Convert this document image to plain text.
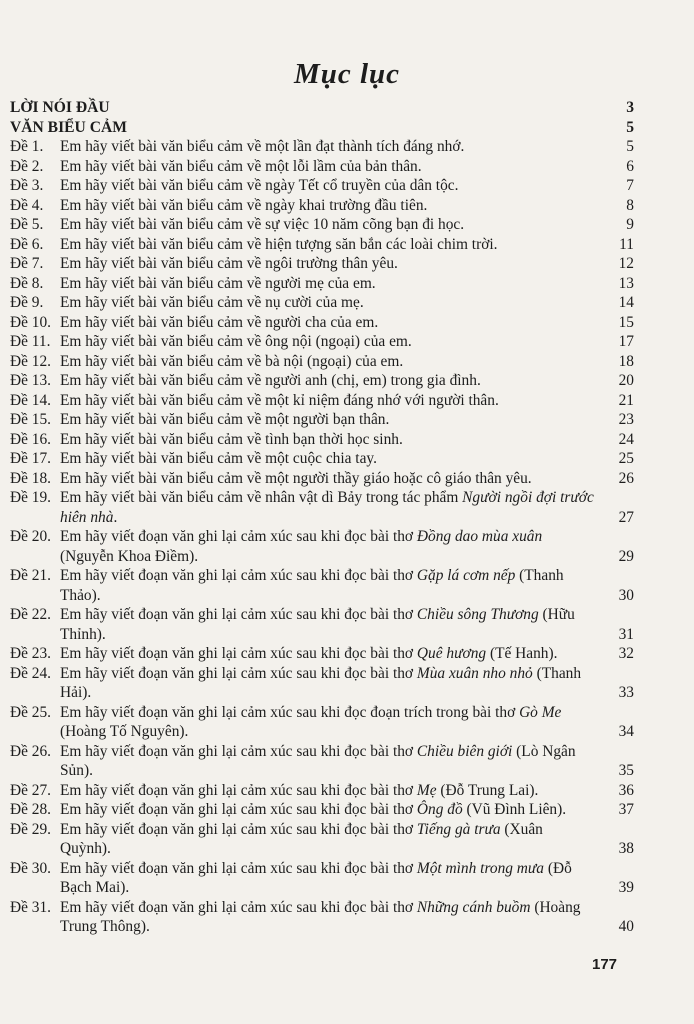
Mục lục
LỜI NÓI ĐẦU	3
VĂN BIỂU CẢM	5
Đề 1.	Em hãy viết bài văn biểu cảm về một lần đạt thành tích đáng nhớ.	5
Đề 2.	Em hãy viết bài văn biểu cảm về một lỗi lầm của bản thân.	6
Đề 3.	Em hãy viết bài văn biểu cảm về ngày Tết cổ truyền của dân tộc.	7
Đề 4.	Em hãy viết bài văn biểu cảm về ngày khai trường đầu tiên.	8
Đề 5.	Em hãy viết bài văn biểu cảm về sự việc 10 năm cõng bạn đi học.	9
Đề 6.	Em hãy viết bài văn biểu cảm về hiện tượng săn bắn các loài chim trời.	11
Đề 7.	Em hãy viết bài văn biểu cảm về ngôi trường thân yêu.	12
Đề 8.	Em hãy viết bài văn biểu cảm về người mẹ của em.	13
Đề 9.	Em hãy viết bài văn biểu cảm về nụ cười của mẹ.	14
Đề 10. Em hãy viết bài văn biểu cảm về người cha của em.	15
Đề 11. Em hãy viết bài văn biểu cảm về ông nội (ngoại) của em.	17
Đề 12. Em hãy viết bài văn biểu cảm về bà nội (ngoại) của em.	18
Đề 13. Em hãy viết bài văn biểu cảm về người anh (chị, em) trong gia đình.	20
Đề 14. Em hãy viết bài văn biểu cảm về một kỉ niệm đáng nhớ với người thân.	21
Đề 15. Em hãy viết bài văn biểu cảm về một người bạn thân.	23
Đề 16. Em hãy viết bài văn biểu cảm về tình bạn thời học sinh.	24
Đề 17. Em hãy viết bài văn biểu cảm về một cuộc chia tay.	25
Đề 18. Em hãy viết bài văn biểu cảm về một người thầy giáo hoặc cô giáo thân yêu.	26
Đề 19. Em hãy viết bài văn biểu cảm về nhân vật dì Bảy trong tác phẩm Người ngồi đợi trước hiên nhà.	27
Đề 20. Em hãy viết đoạn văn ghi lại cảm xúc sau khi đọc bài thơ Đồng dao mùa xuân (Nguyễn Khoa Điềm).	29
Đề 21. Em hãy viết đoạn văn ghi lại cảm xúc sau khi đọc bài thơ Gặp lá cơm nếp (Thanh Thảo).	30
Đề 22. Em hãy viết đoạn văn ghi lại cảm xúc sau khi đọc bài thơ Chiều sông Thương (Hữu Thỉnh).	31
Đề 23. Em hãy viết đoạn văn ghi lại cảm xúc sau khi đọc bài thơ Quê hương (Tế Hanh).	32
Đề 24. Em hãy viết đoạn văn ghi lại cảm xúc sau khi đọc bài thơ Mùa xuân nho nhỏ (Thanh Hải).	33
Đề 25. Em hãy viết đoạn văn ghi lại cảm xúc sau khi đọc đoạn trích trong bài thơ Gò Me (Hoàng Tố Nguyên).	34
Đề 26. Em hãy viết đoạn văn ghi lại cảm xúc sau khi đọc bài thơ Chiều biên giới (Lò Ngân Sủn).	35
Đề 27. Em hãy viết đoạn văn ghi lại cảm xúc sau khi đọc bài thơ Mẹ (Đỗ Trung Lai).	36
Đề 28. Em hãy viết đoạn văn ghi lại cảm xúc sau khi đọc bài thơ Ông đồ (Vũ Đình Liên).	37
Đề 29. Em hãy viết đoạn văn ghi lại cảm xúc sau khi đọc bài thơ Tiếng gà trưa (Xuân Quỳnh).	38
Đề 30. Em hãy viết đoạn văn ghi lại cảm xúc sau khi đọc bài thơ Một mình trong mưa (Đỗ Bạch Mai).	39
Đề 31. Em hãy viết đoạn văn ghi lại cảm xúc sau khi đọc bài thơ Những cánh buồm (Hoàng Trung Thông).	40
177
